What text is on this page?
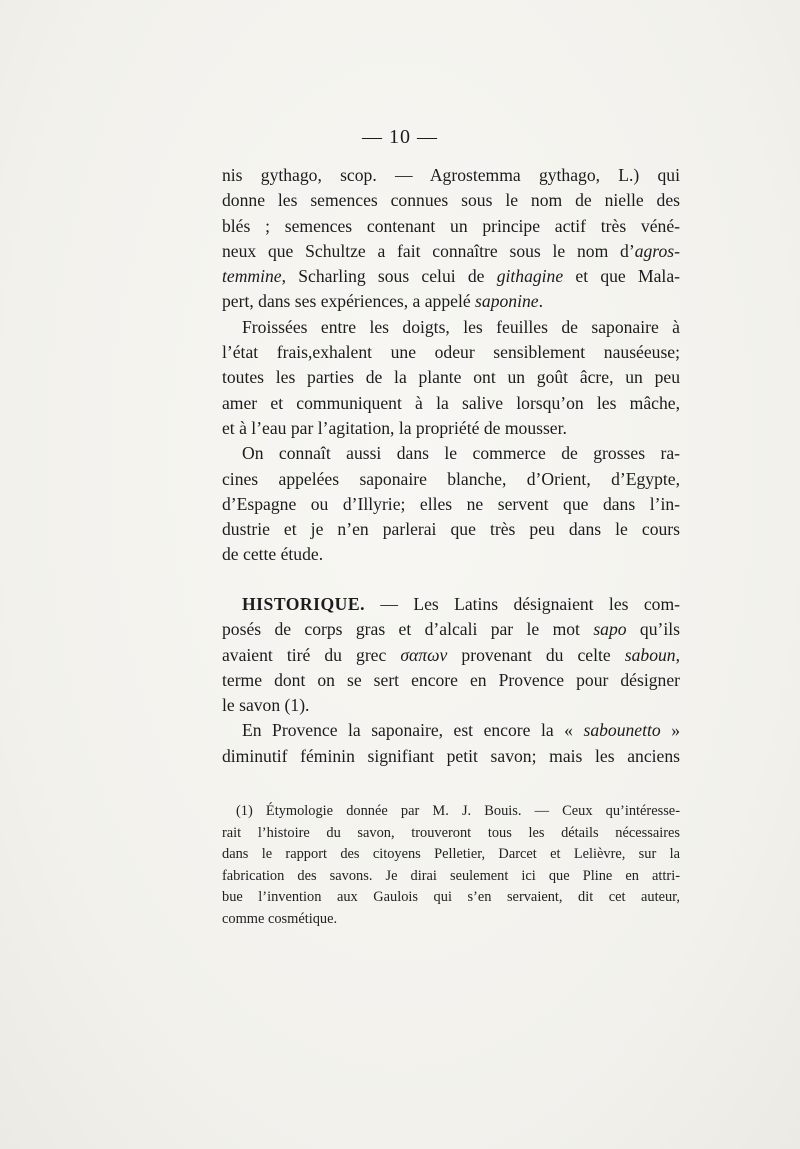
— 10 —
nis gythago, scop. — Agrostemma gythago, L.) qui
donne les semences connues sous le nom de nielle des
blés ; semences contenant un principe actif très véné-
neux que Schultze a fait connaître sous le nom d’agros-
temmine, Scharling sous celui de githagine et que Mala-
pert, dans ses expériences, a appelé saponine.
Froissées entre les doigts, les feuilles de saponaire à
l’état frais,exhalent une odeur sensiblement nauséeuse;
toutes les parties de la plante ont un goût âcre, un peu
amer et communiquent à la salive lorsqu’on les mâche,
et à l’eau par l’agitation, la propriété de mousser.
On connaît aussi dans le commerce de grosses ra-
cines appelées saponaire blanche, d’Orient, d’Egypte,
d’Espagne ou d’Illyrie; elles ne servent que dans l’in-
dustrie et je n’en parlerai que très peu dans le cours
de cette étude.
HISTORIQUE. — Les Latins désignaient les com-
posés de corps gras et d’alcali par le mot sapo qu’ils
avaient tiré du grec σαπων provenant du celte saboun,
terme dont on se sert encore en Provence pour désigner
le savon (1).
En Provence la saponaire, est encore la « sabounetto »
diminutif féminin signifiant petit savon; mais les anciens
(1) Étymologie donnée par M. J. Bouis. — Ceux qu’intéresse-
rait l’histoire du savon, trouveront tous les détails nécessaires
dans le rapport des citoyens Pelletier, Darcet et Lelièvre, sur la
fabrication des savons. Je dirai seulement ici que Pline en attri-
bue l’invention aux Gaulois qui s’en servaient, dit cet auteur,
comme cosmétique.
